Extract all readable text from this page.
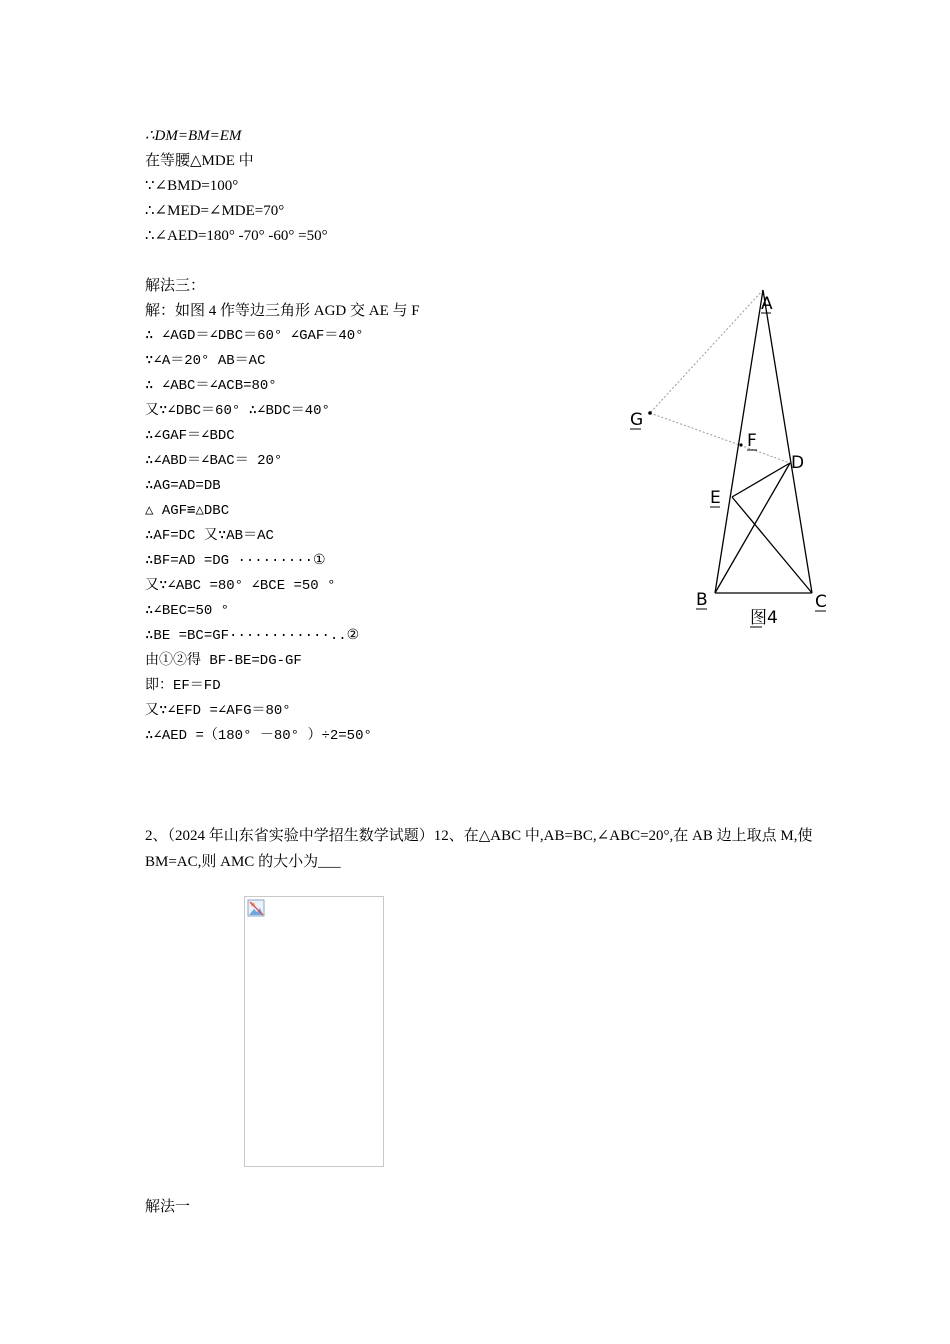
∴DM=BM=EM
在等腰△MDE 中
∵∠BMD=100°
∴∠MED=∠MDE=70°
∴∠AED=180° -70° -60° =50°
解法三：
解：如图 4 作等边三角形 AGD 交 AE 与 F
∴ ∠AGD＝∠DBC＝60° ∠GAF＝40°
∵∠A＝20° AB＝AC
∴ ∠ABC＝∠ACB=80°
又∵∠DBC＝60° ∴∠BDC＝40°
∴∠GAF＝∠BDC
∴∠ABD＝∠BAC＝ 20°
∴AG=AD=DB
△ AGF≌△DBC
∴AF=DC 又∵AB＝AC
∴BF=AD =DG ·········①
又∵∠ABC =80° ∠BCE =50 °
∴∠BEC=50 °
∴BE =BC=GF············..②
由①②得 BF-BE=DG-GF
即：EF＝FD
又∵∠EFD =∠AFG＝80°
∴∠AED =（180° －80° ）÷2=50°
A
G
F
D
E
B	C
图4
2、（2024 年山东省实验中学招生数学试题）12、在△ABC 中,AB=BC,∠ABC=20°,在 AB 边上取点 M,使 BM=AC,则 AMC 的大小为___
解法一
